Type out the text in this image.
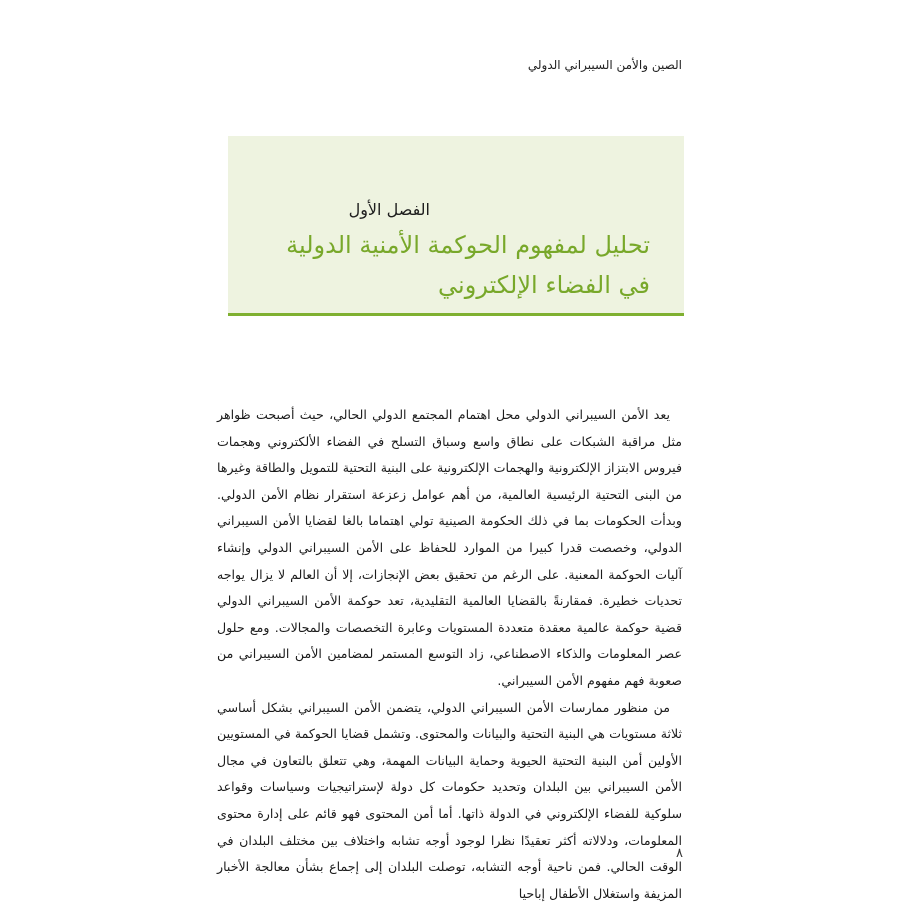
الصين والأمن السيبراني الدولي
الفصل الأول
تحليل لمفهوم الحوكمة الأمنية الدولية في الفضاء الإلكتروني

يعد الأمن السيبراني الدولي محل اهتمام المجتمع الدولي الحالي، حيث أصبحت ظواهر مثل مراقبة الشبكات على نطاق واسع وسباق التسلح في الفضاء الألكتروني وهجمات فيروس الابتزاز الإلكترونية والهجمات الإلكترونية على البنية التحتية للتمويل والطاقة وغيرها من البنى التحتية الرئيسية العالمية، من أهم عوامل زعزعة استقرار نظام الأمن الدولي. وبدأت الحكومات بما في ذلك الحكومة الصينية تولي اهتماما بالغا لقضايا الأمن السيبراني الدولي، وخصصت قدرا كبيرا من الموارد للحفاظ على الأمن السيبراني الدولي وإنشاء آليات الحوكمة المعنية. على الرغم من تحقيق بعض الإنجازات، إلا أن العالم لا يزال يواجه تحديات خطيرة. فمقارنةً بالقضايا العالمية التقليدية، تعد حوكمة الأمن السيبراني الدولي قضية حوكمة عالمية معقدة متعددة المستويات وعابرة التخصصات والمجالات. ومع حلول عصر المعلومات والذكاء الاصطناعي، زاد التوسع المستمر لمضامين الأمن السيبراني من صعوبة فهم مفهوم الأمن السيبراني.

من منظور ممارسات الأمن السيبراني الدولي، يتضمن الأمن السيبراني بشكل أساسي ثلاثة مستويات هي البنية التحتية والبيانات والمحتوى. وتشمل قضايا الحوكمة في المستويين الأولين أمن البنية التحتية الحيوية وحماية البيانات المهمة، وهي تتعلق بالتعاون في مجال الأمن السيبراني بين البلدان وتحديد حكومات كل دولة لإستراتيجيات وسياسات وقواعد سلوكية للفضاء الإلكتروني في الدولة ذاتها. أما أمن المحتوى فهو قائم على إدارة محتوى المعلومات، ودلالاته أكثر تعقيدًا نظرا لوجود أوجه تشابه واختلاف بين مختلف البلدان في الوقت الحالي. فمن ناحية أوجه التشابه، توصلت البلدان إلى إجماع بشأن معالجة الأخبار المزيفة واستغلال الأطفال إباحيا

٨
